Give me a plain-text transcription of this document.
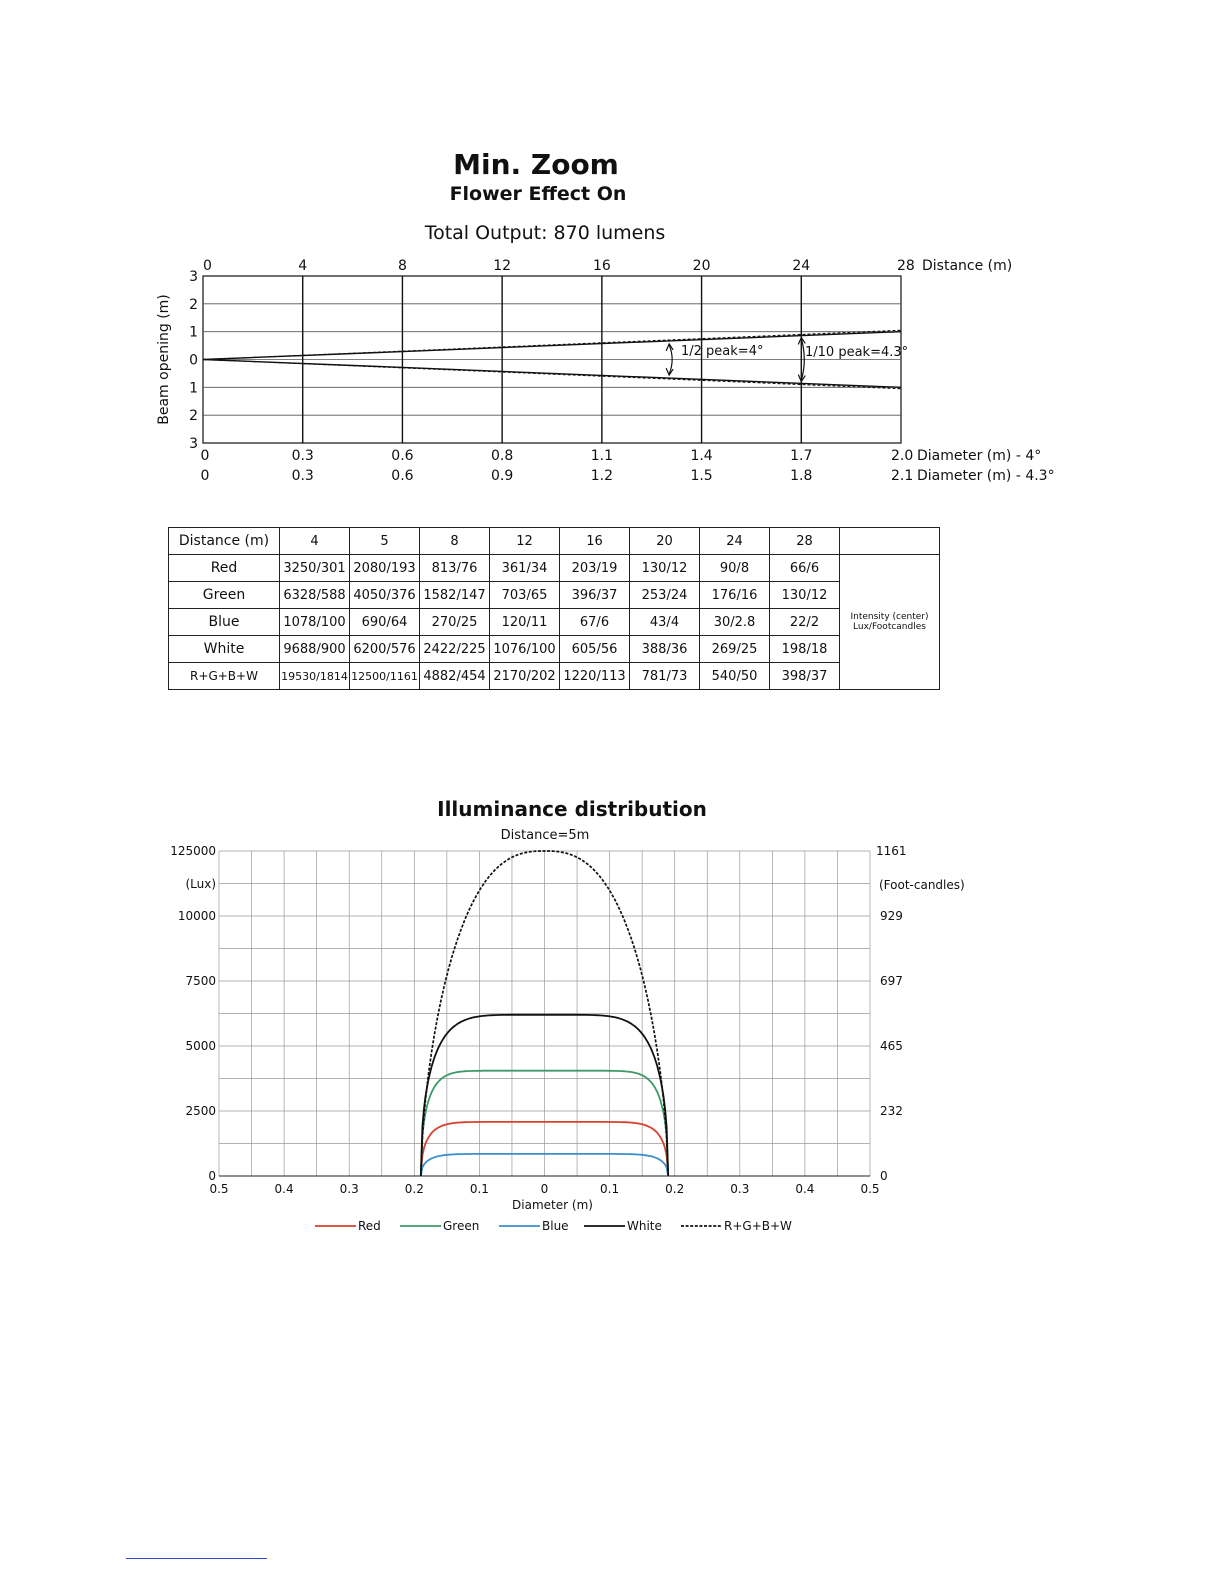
Min. Zoom
Flower Effect On
Total Output: 870 lumens
1/2 peak=4°	1/10 peak=4.3°
0	4	8	12	16	20	24	28 Distance (m)
3
2
1
0
1
2
3
Beam opening (m)
0	0.3	0.6	0.8	1.1	1.4	1.7	2.0
0	0.3	0.6	0.9	1.2	1.5	1.8	2.1
Diameter (m) - 4°
Diameter (m) - 4.3°
Distance (m)	4	5	8	12	16	20	24	28	
Red	3250/301	2080/193	813/76	361/34	203/19	130/12	90/8	66/6	Intensity (center)
Lux/Footcandles

Green	6328/588	4050/376	1582/147	703/65	396/37	253/24	176/16	130/12	
Blue	1078/100	690/64	270/25	120/11	67/6	43/4	30/2.8	22/2	
White	9688/900	6200/576	2422/225	1076/100	605/56	388/36	269/25	198/18	
R+G+B+W	19530/1814	12500/1161	4882/454	2170/202	1220/113	781/73	540/50	398/37	
Illuminance distribution
Distance=5m
0
2500
5000
7500
10000
125000
0
232
465
697
929
1161
(Lux)	(Foot-candles)
0.5	0.4	0.3	0.2	0.1	0	0.1	0.2	0.3	0.4	0.5
Diameter (m)
Red	Green	Blue	White	R+G+B+W
